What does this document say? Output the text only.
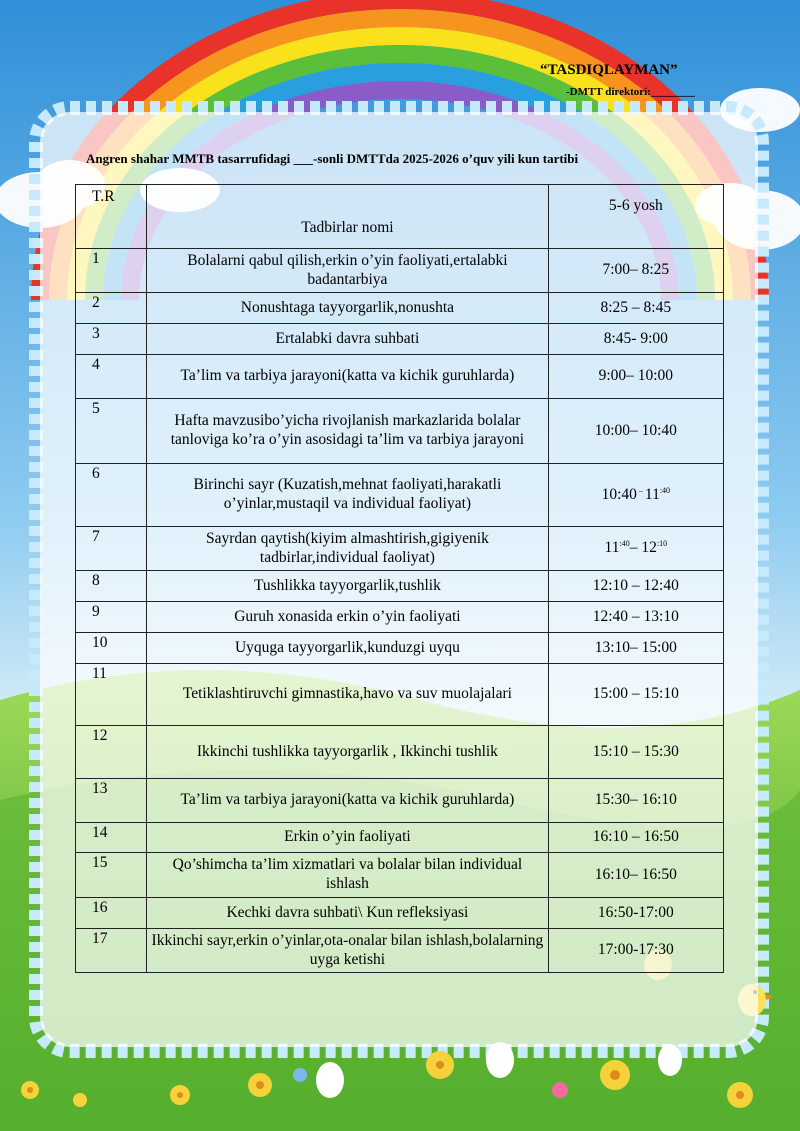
“TASDIQLAYMAN”
-DMTT direktori:________
Angren shahar MMTB tasarrufidagi ___-sonli DMTTda 2025-2026 o’quv yili kun tartibi
T.R	Tadbirlar nomi	5-6 yosh
1	Bolalarni qabul qilish,erkin o’yin faoliyati,ertalabki badantarbiya	7:00– 8:25
2	Nonushtaga tayyorgarlik,nonushta	8:25 – 8:45
3	Ertalabki davra suhbati	8:45- 9:00
4	Ta’lim va tarbiya jarayoni(katta va kichik guruhlarda)	9:00– 10:00
5	Hafta mavzusibo’yicha rivojlanish markazlarida bolalar tanloviga ko’ra o’yin asosidagi ta’lim va tarbiya jarayoni	10:00– 10:40
6	Birinchi sayr (Kuzatish,mehnat faoliyati,harakatli o’yinlar,mustaqil va individual faoliyat)	10:40 – $11^{:40}$
7	Sayrdan qaytish(kiyim almashtirish,gigiyenik tadbirlar,individual faoliyat)	$11^{:40}-$ $12^{:10}$
8	Tushlikka tayyorgarlik,tushlik	12:10 – 12:40
9	Guruh xonasida erkin o’yin faoliyati	12:40 – 13:10
10	Uyquga tayyorgarlik,kunduzgi uyqu	13:10– 15:00
11	Tetiklashtiruvchi gimnastika,havo va suv muolajalari	15:00 – 15:10
12	Ikkinchi tushlikka tayyorgarlik , Ikkinchi tushlik	15:10 – 15:30
13	Ta’lim va tarbiya jarayoni(katta va kichik guruhlarda)	15:30– 16:10
14	Erkin o’yin faoliyati	16:10 – 16:50
15	Qo’shimcha ta’lim xizmatlari va bolalar bilan individual ishlash	16:10– 16:50
16	Kechki davra suhbati\ Kun refleksiyasi	16:50-17:00
17	Ikkinchi sayr,erkin o’yinlar,ota-onalar bilan ishlash,bolalarning uyga ketishi	17:00-17:30
